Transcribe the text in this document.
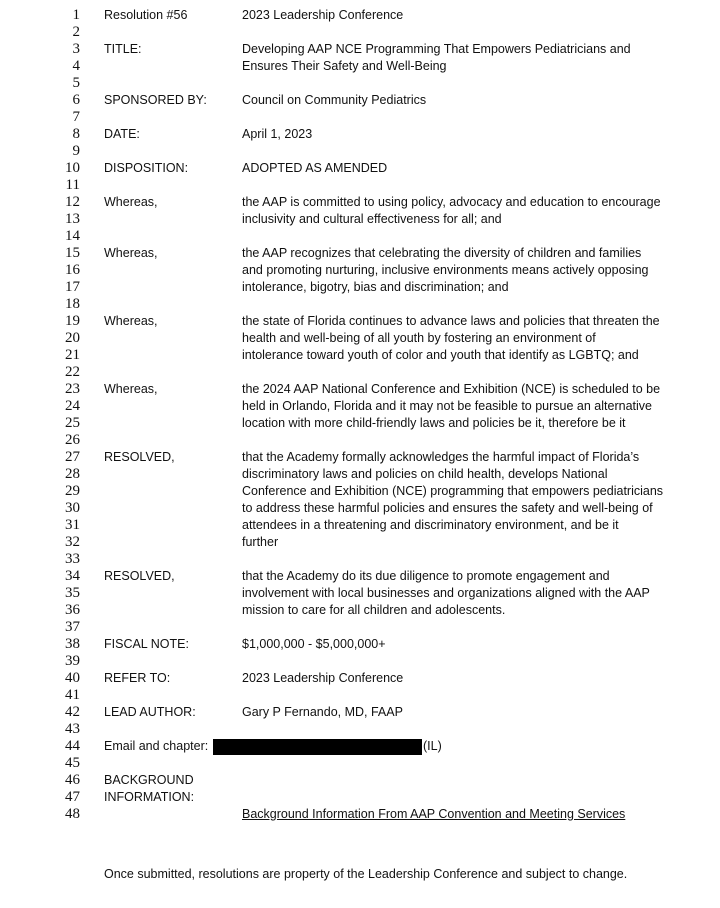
1 Resolution #56	2023 Leadership Conference
2
3 TITLE:	Developing AAP NCE Programming That Empowers Pediatricians and
4	Ensures Their Safety and Well-Being
5
6 SPONSORED BY:	Council on Community Pediatrics
7
8 DATE:	April 1, 2023
9
10 DISPOSITION:	ADOPTED AS AMENDED
11
12 Whereas,	the AAP is committed to using policy, advocacy and education to encourage
13	inclusivity and cultural effectiveness for all; and
14
15 Whereas,	the AAP recognizes that celebrating the diversity of children and families
16	and promoting nurturing, inclusive environments means actively opposing
17	intolerance, bigotry, bias and discrimination; and
18
19 Whereas,	the state of Florida continues to advance laws and policies that threaten the
20	health and well-being of all youth by fostering an environment of
21	intolerance toward youth of color and youth that identify as LGBTQ; and
22
23 Whereas,	the 2024 AAP National Conference and Exhibition (NCE) is scheduled to be
24	held in Orlando, Florida and it may not be feasible to pursue an alternative
25	location with more child-friendly laws and policies be it, therefore be it
26
27 RESOLVED,	that the Academy formally acknowledges the harmful impact of Florida’s
28	discriminatory laws and policies on child health, develops National
29	Conference and Exhibition (NCE) programming that empowers pediatricians
30	to address these harmful policies and ensures the safety and well-being of
31	attendees in a threatening and discriminatory environment, and be it
32	further
33
34 RESOLVED,	that the Academy do its due diligence to promote engagement and
35	involvement with local businesses and organizations aligned with the AAP
36	mission to care for all children and adolescents.
37
38 FISCAL NOTE:	$1,000,000 - $5,000,000+
39
40 REFER TO:	2023 Leadership Conference
41
42 LEAD AUTHOR:	Gary P Fernando, MD, FAAP
43
44 Email and chapter:	(IL)
45
46 BACKGROUND
47 INFORMATION:
48	Background Information From AAP Convention and Meeting Services
Once submitted, resolutions are property of the Leadership Conference and subject to change.
